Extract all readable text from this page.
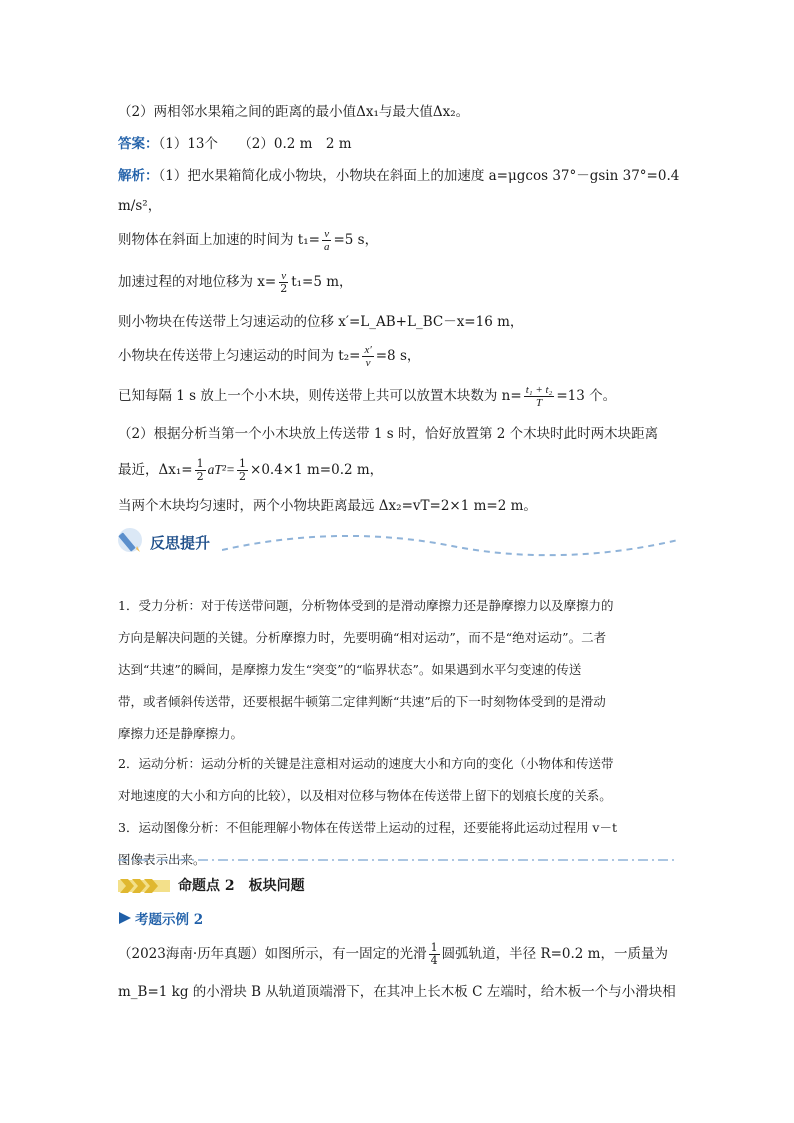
（2）两相邻水果箱之间的距离的最小值Δx₁与最大值Δx₂。
答案：（1）13个　　（2）0.2 m　2 m
解析：（1）把水果箱简化成小物块，小物块在斜面上的加速度 a=μgcos 37°－gsin 37°=0.4
m/s²，
则物体在斜面上加速的时间为 $t_1= \frac{v}{a} =5$ s，
加速过程的对地位移为 $x= \frac{v}{2} t_1=5$ m，
则小物块在传送带上匀速运动的位移 x′=L_AB+L_BC－x=16 m，
小物块在传送带上匀速运动的时间为 $t_2= \frac{x'}{v} =8$ s，
已知每隔 1 s 放上一个小木块，则传送带上共可以放置木块数为 $n= \frac{\text{t₁ + t₂}}{T} =13$ 个。
（2）根据分析当第一个小木块放上传送带 1 s 时，恰好放置第 2 个木块时此时两木块距离
最近，$\Delta x_1= \frac{1}{2} aT^2= \frac{1}{2} \times 0.4\times 1$ m=0.2 m，
当两个木块均匀速时，两个小物块距离最远 Δx₂=vT=2×1 m=2 m。
反思提升
1．受力分析：对于传送带问题，分析物体受到的是滑动摩擦力还是静摩擦力以及摩擦力的
方向是解决问题的关键。分析摩擦力时，先要明确“相对运动”，而不是“绝对运动”。二者
达到“共速”的瞬间，是摩擦力发生“突变”的“临界状态”。如果遇到水平匀变速的传送
带，或者倾斜传送带，还要根据牛顿第二定律判断“共速”后的下一时刻物体受到的是滑动
摩擦力还是静摩擦力。
2．运动分析：运动分析的关键是注意相对运动的速度大小和方向的变化（小物体和传送带
对地速度的大小和方向的比较），以及相对位移与物体在传送带上留下的划痕长度的关系。
3．运动图像分析：不但能理解小物体在传送带上运动的过程，还要能将此运动过程用 v－t
图像表示出来。
命题点 2 板块问题
考题示例 2
（2023海南·历年真题）如图所示，有一固定的光滑 $\frac{1}{4}$ 圆弧轨道，半径 R=0.2 m，一质量为
m_B=1 kg 的小滑块 B 从轨道顶端滑下，在其冲上长木板 C 左端时，给木板一个与小滑块相
